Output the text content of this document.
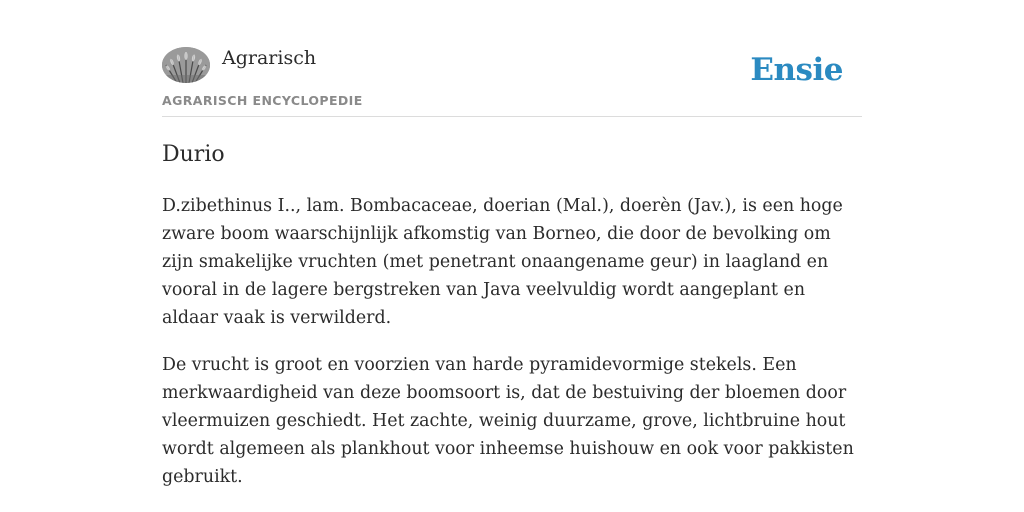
Agrarisch
AGRARISCH ENCYCLOPEDIE
Ensie
Durio

D.zibethinus I.., lam. Bombacaceae, doerian (Mal.), doerèn (Jav.), is een hoge zware boom waarschijnlijk afkomstig van Borneo, die door de bevolking om zijn smakelijke vruchten (met penetrant onaangename geur) in laagland en vooral in de lagere bergstreken van Java veelvuldig wordt aangeplant en aldaar vaak is verwilderd.

De vrucht is groot en voorzien van harde pyramidevormige stekels. Een merkwaardigheid van deze boomsoort is, dat de bestuiving der bloemen door vleermuizen geschiedt. Het zachte, weinig duurzame, grove, lichtbruine hout wordt algemeen als plankhout voor inheemse huishouw en ook voor pakkisten gebruikt.
